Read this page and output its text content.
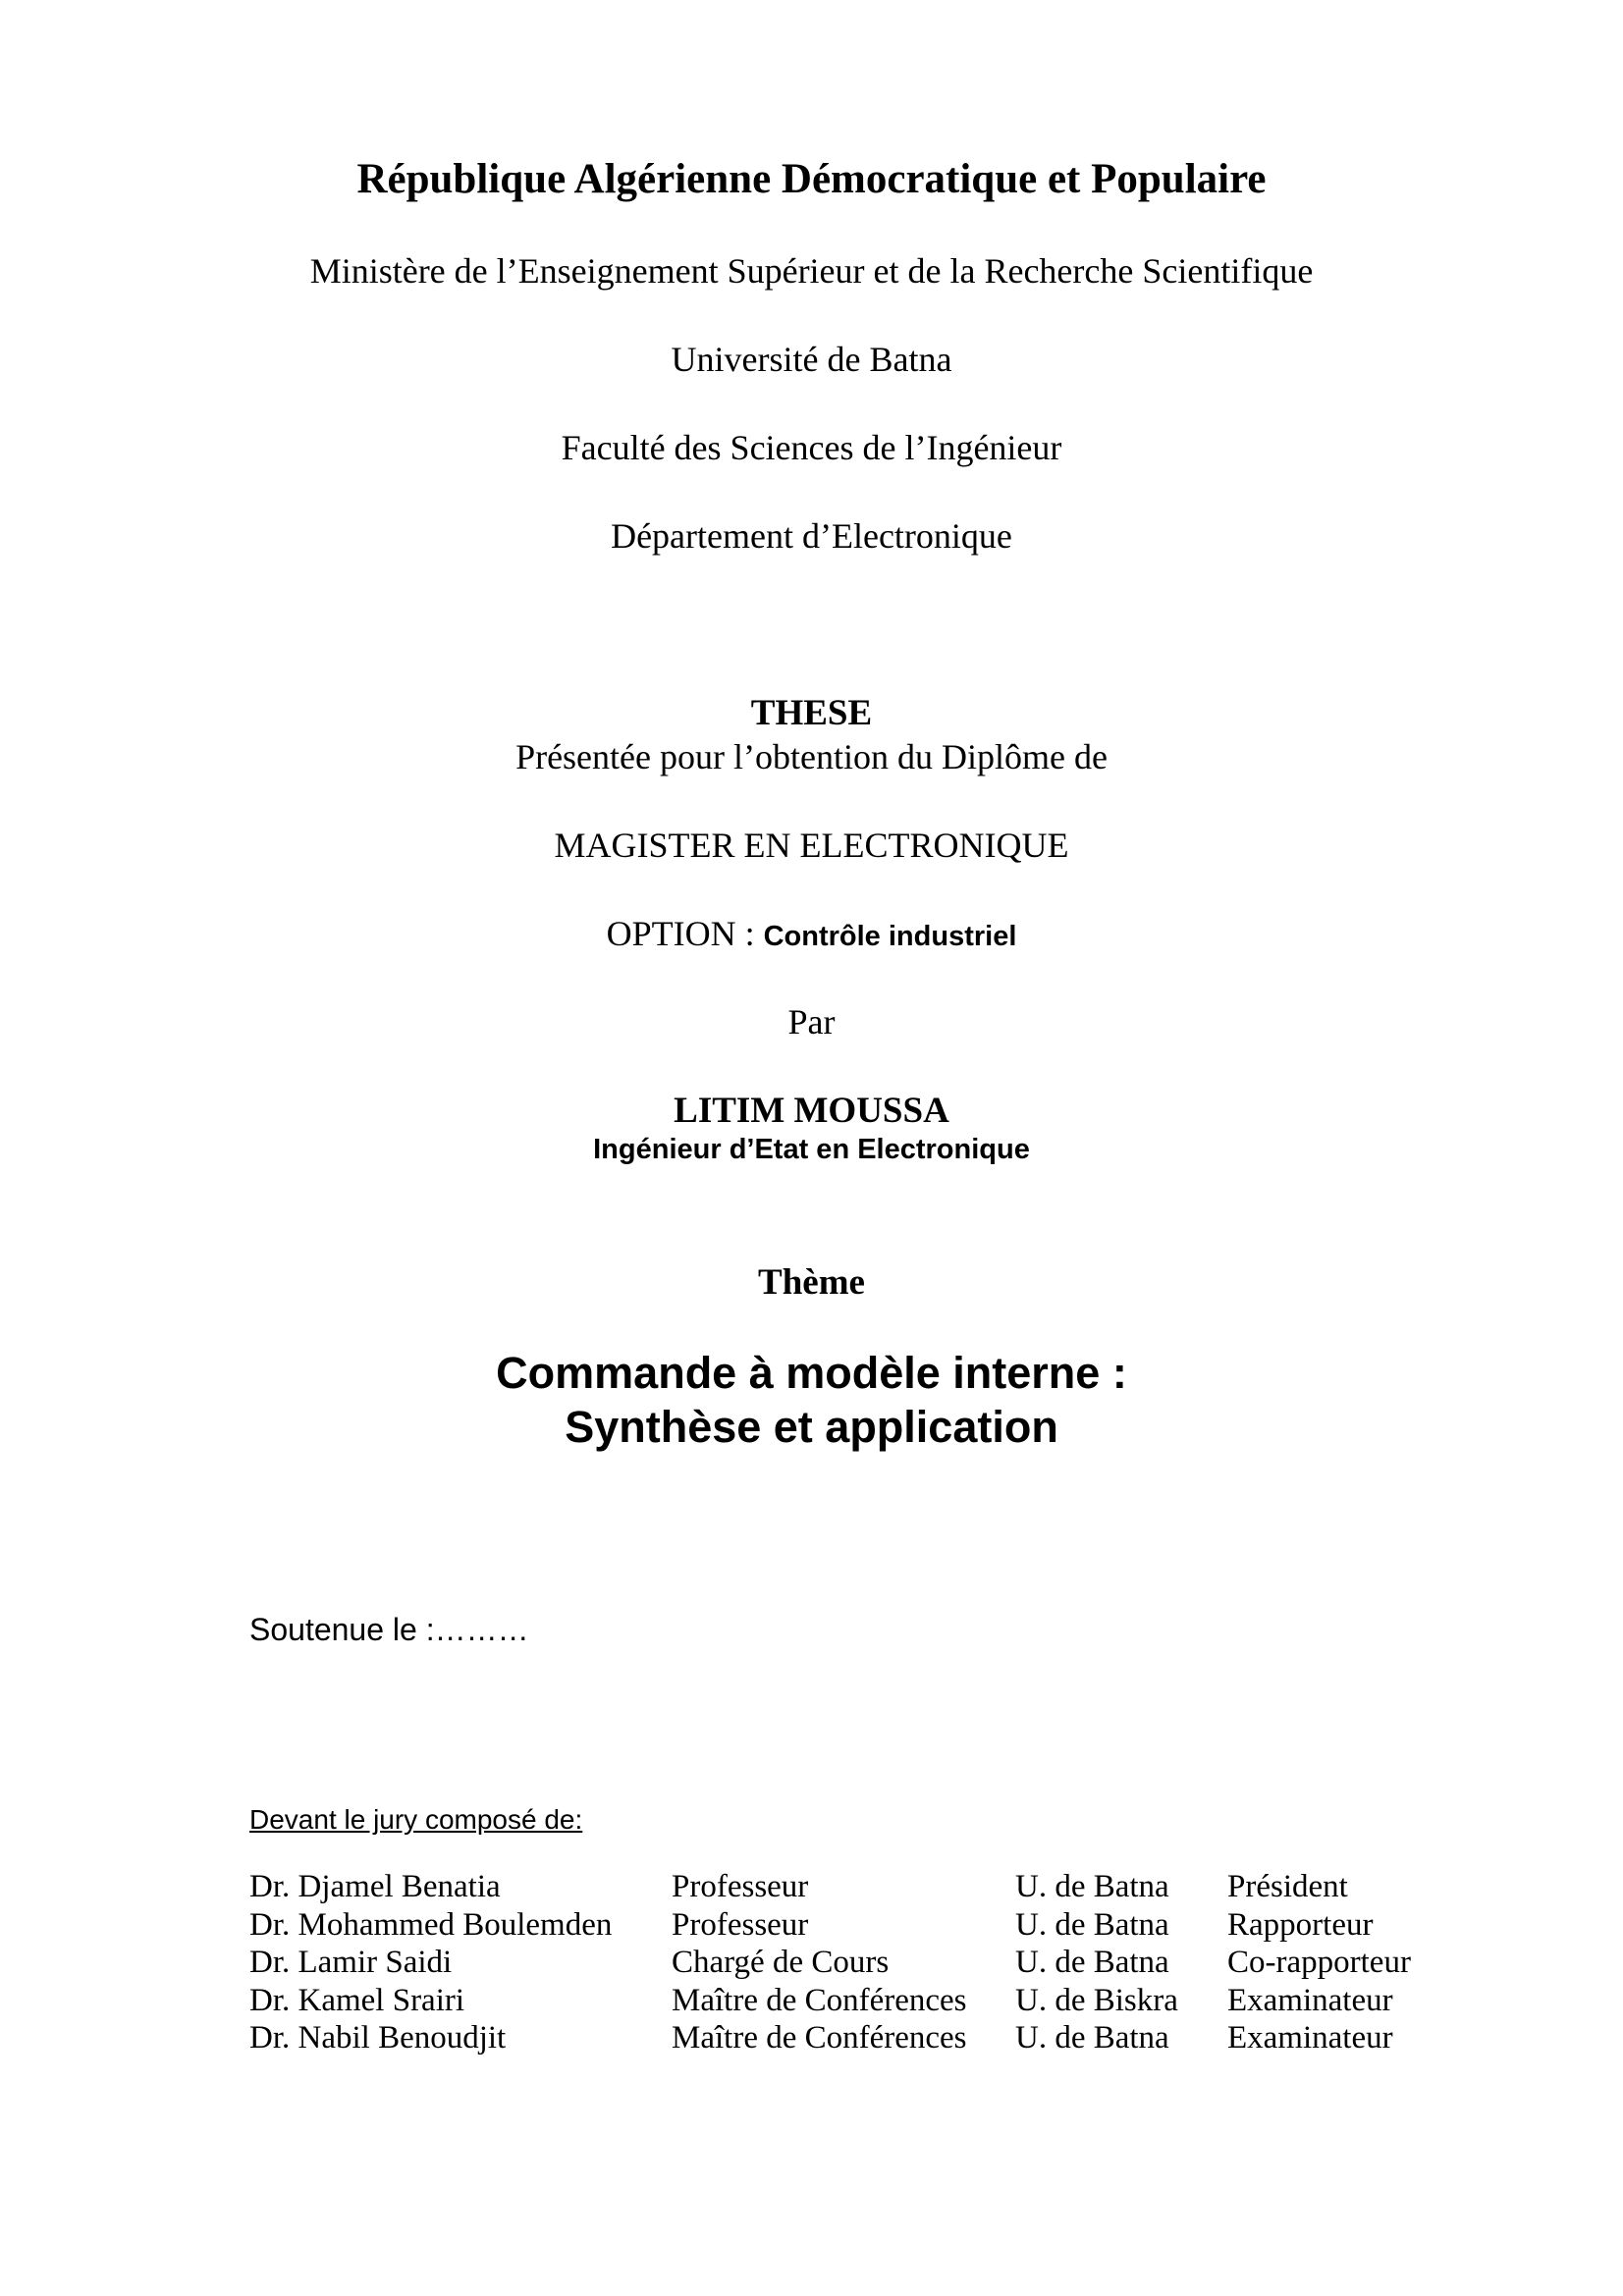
République Algérienne Démocratique et Populaire
Ministère de l’Enseignement Supérieur et de la Recherche Scientifique
Université de Batna
Faculté des Sciences de l’Ingénieur
Département d’Electronique
THESE
Présentée pour l’obtention du Diplôme de
MAGISTER EN ELECTRONIQUE
OPTION : Contrôle industriel
Par
LITIM MOUSSA
Ingénieur d’Etat en Electronique
Thème
Commande à modèle interne :
Synthèse et application
Soutenue le :………
Devant le jury composé de:
Dr. Djamel Benatia	Professeur	U. de Batna	Président
Dr. Mohammed Boulemden	Professeur	U. de Batna	Rapporteur
Dr. Lamir Saidi	Chargé de Cours	U. de Batna	Co-rapporteur
Dr. Kamel Srairi	Maître de Conférences	U. de Biskra	Examinateur
Dr. Nabil Benoudjit	Maître de Conférences	U. de Batna	Examinateur
